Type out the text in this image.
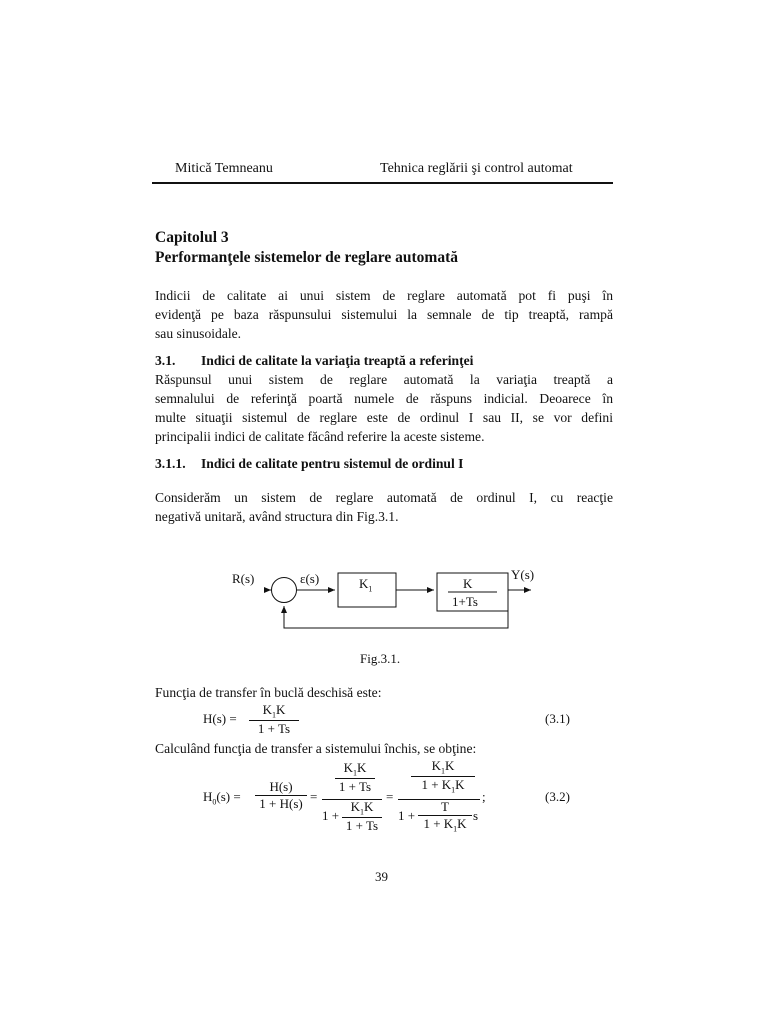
Mitică Temneanu	Tehnica reglării şi control automat
Capitolul 3
Performanţele sistemelor de reglare automată
Indicii de calitate ai unui sistem de reglare automată pot fi puşi în
evidenţă pe baza răspunsului sistemului la semnale de tip treaptă, rampă
sau sinusoidale.
3.1. Indici de calitate la variaţia treaptă a referinţei
Răspunsul unui sistem de reglare automată la variaţia treaptă a
semnalului de referinţă poartă numele de răspuns indicial. Deoarece în
multe situaţii sistemul de reglare este de ordinul I sau II, se vor defini
principalii indici de calitate făcând referire la aceste sisteme.
3.1.1. Indici de calitate pentru sistemul de ordinul I
Considerăm un sistem de reglare automată de ordinul I, cu reacţie
negativă unitară, având structura din Fig.3.1.
R(s)	ε(s)	$K_1$	K
1+Ts
Y(s)
Fig.3.1.
Funcţia de transfer în buclă deschisă este:
H(s) =
$K_1K$
1 + Ts
(3.1)
Calculând funcţia de transfer a sistemului închis, se obţine:
$H_0(s)$ =
H(s)
1 + H(s) =
$K_1K$
1 + Ts
1 +
$K_1K$
1 + Ts
=
$K_1K$
$1 + K_1K$
1 +
T
$1 + K_1K$
s
;	(3.2)
39
